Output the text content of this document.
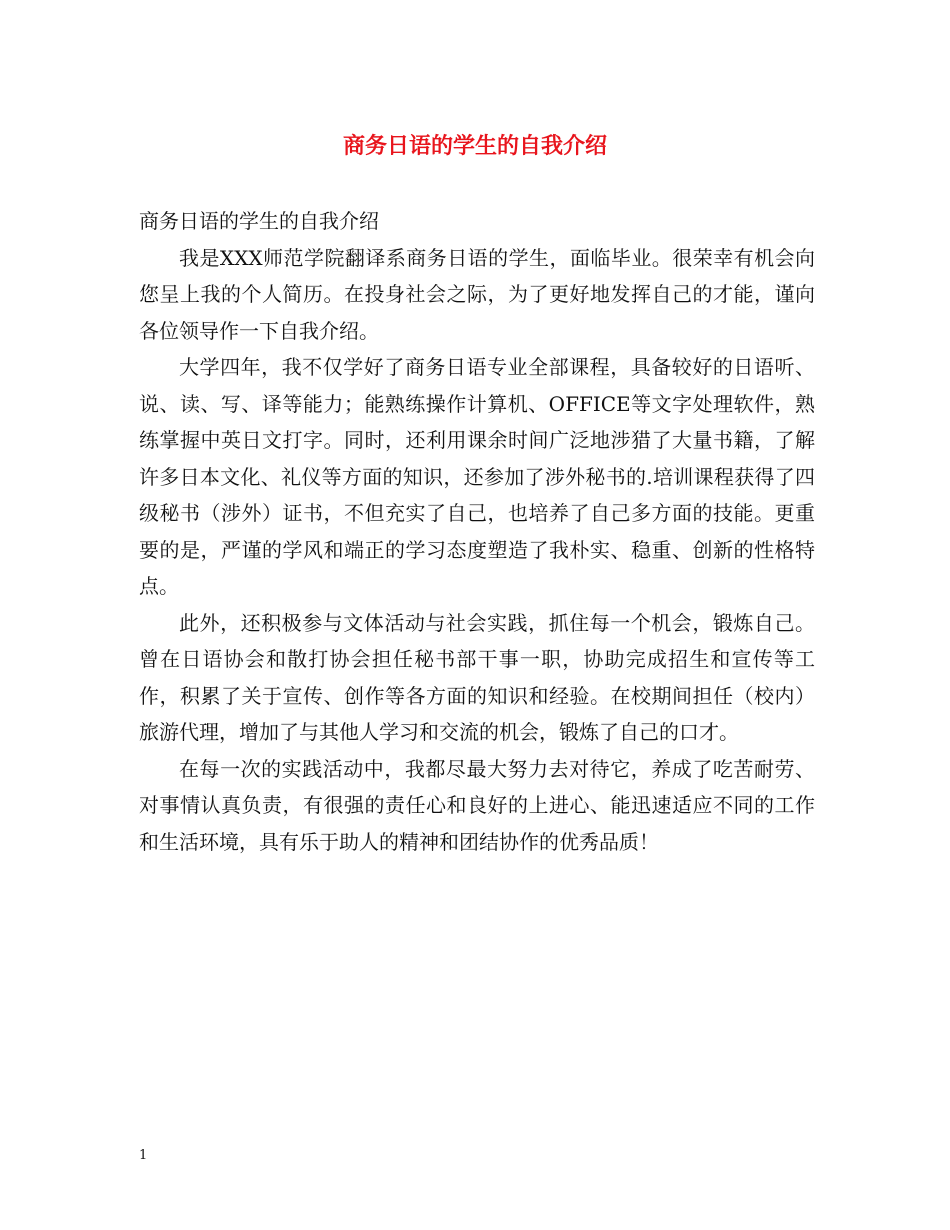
商务日语的学生的自我介绍

商务日语的学生的自我介绍

我是XXX师范学院翻译系商务日语的学生，面临毕业。很荣幸有机会向您呈上我的个人简历。在投身社会之际，为了更好地发挥自己的才能，谨向各位领导作一下自我介绍。

大学四年，我不仅学好了商务日语专业全部课程，具备较好的日语听、说、读、写、译等能力；能熟练操作计算机、OFFICE等文字处理软件，熟练掌握中英日文打字。同时，还利用课余时间广泛地涉猎了大量书籍，了解许多日本文化、礼仪等方面的知识，还参加了涉外秘书的.培训课程获得了四级秘书（涉外）证书，不但充实了自己，也培养了自己多方面的技能。更重要的是，严谨的学风和端正的学习态度塑造了我朴实、稳重、创新的性格特点。

此外，还积极参与文体活动与社会实践，抓住每一个机会，锻炼自己。曾在日语协会和散打协会担任秘书部干事一职，协助完成招生和宣传等工作，积累了关于宣传、创作等各方面的知识和经验。在校期间担任（校内）旅游代理，增加了与其他人学习和交流的机会，锻炼了自己的口才。

在每一次的实践活动中，我都尽最大努力去对待它，养成了吃苦耐劳、对事情认真负责，有很强的责任心和良好的上进心、能迅速适应不同的工作和生活环境，具有乐于助人的精神和团结协作的优秀品质！

1
